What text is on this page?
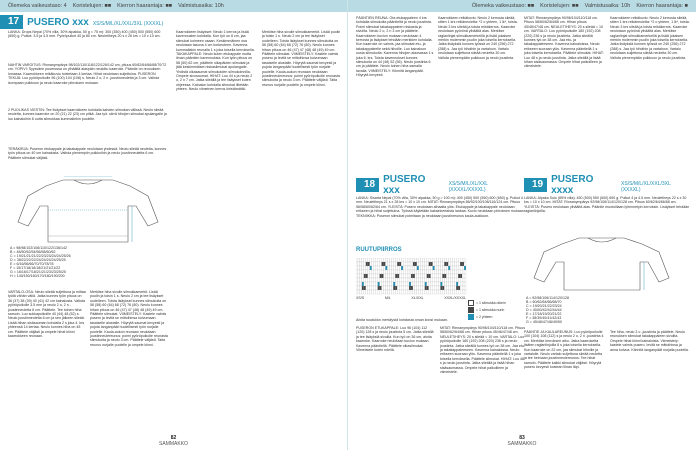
Ölemeka vaikeustaso: 4 Koristelujen: ■■ Kierron haarantaja: ■■ Valmistusaika: 10h
17 PUSERO xxx XS/S/M/L/XL/XXL/3XL (XXXXL)
LANKA: Drops Nepal (70% villa, 30% alpakka, 50 g = 75 m): 300 (350) 400 (450) 500 (550) 600 (650) g. Puikot: 3.5 ja 4.5 mm. Pyöröpuikot 40 ja 80 cm. Neuletiheys 20 s x 26 krs = 10 x 10 cm.
NAHTIN VAROITUS: Rinnanympärys 98/102/110/118/122/126/142 cm, pituus 60/62/64/66/68/70/72 cm. YOPIVI: Syysvärin puserossa on ylhäältä alaspäin neulottu kaarroke. Pääntie on reunuksen lomassa. Kaarrokkeen reikäkuvio toistetaan 4 kertaa. Hihat neulotaan suljettuina. PUSERON TEKIJÄ: Luo pyöröpuikolle 96 (100) 104 (108) s. Neulo 2 o, 2 n -joustinneuletta ja 3 cm. Vaihda isompaan puikkoon ja neulo kaarroke piirroksen mukaan.
2 PUOLIKAS VIESTIN: Tee lisäykset kaarrokkeen kohdalla kahden silmukan välissä. Neulo sileää neuletta, kunnes kaarroke on 20 (21) 22 (23) cm pitkä. Jaa työ: siirrä hihojen silmukat apulangalle ja luo kainaloihin 8 uutta silmukkaa kummallekin puolelle.
TERÄKIRJA: Puseron etukappale ja takakappale neulotaan yhdessä. Neulo sileää neuletta, kunnes työn pituus on 40 cm kainalosta. Vaihda pienempiin puikkoihin ja neulo joustinneuletta 6 cm. Päättele silmukat väljästi.
A = 98/98/102/106/110/122/136/142
B = 48/50/52/54/56/58/60/62
C = 19/21/21/21/22/23/23/24/24/25/26
D = 38/22/22/22/24/24/24/24/25/25
E = 6/16/56/66/70/70/78/78
F = 15/17/18/18/18/21/21/21/22
G = 16/16/17/18/21/21/23/23/25/25
H = 140/150/160/170/180/190/200
VARTALO-OSA: Neulo sileää suljettuna ja mittaa työtä vähän väliä. Jatka kunnes työn pituus on 36 (37) 38 (39) 40 (41) 42 cm kainalosta. Vaihda pyöröpuikolle 3.5 mm ja neulo 2 o, 2 n -joustinneuletta 6 cm. Päättele. Tee toinen hiha samoin. Luo sukkapuikoille 40 (44) 48 (52) s. Neulo joustinneuletta 6 cm ja sen jälkeen sileää. Lisää hihan sisäsauman kohdalla 2 s joka 4. krs yhteensä 14 kertaa. Neulo kunnes hiha on 45 cm. Päättele väljästi ja ompele hihat kiinni kaarrokkeen reunaan.
Merkitse hiha sivulle silmukkamerkit. Lisää puolin ja toisin 1 s. Neulo 2 cm ja tee lisäykset uudelleen. Toista lisäykset kunnes silmukoita on 56 (58) 60 (64) 68 (72) 76 (80). Neulo kunnes hihan pituus on 46 (47) 47 (48) 48 (49) 49 cm. Päättele silmukat. VIIMEISTELY: Kastele valmis pusero ja levitä se mittoihinsa kuivumaan tasaiselle alustalle. Höyrytä saumat kevyesti ja pujota langanpäät huolellisesti työn nurjalle puolelle. Kaula-aukon reunaan neulotaan joustinneulereunus: poimi pyöröpuikolle reunasta silmukoita ja neulo 3 cm. Päättele väljästi. Taita reunus nurjalle puolelle ja ompele kiinni.
Kaarrokkeen lisäykset: Neulo 1 kerros ja lisää kavennusten kohdalla. Kun työ on 8 cm, jaa silmukat kolmeen osaan. Keskimmäinen osa neulotaan tasona 4 cm korkeuteen. Kavenna kummallakin reunalla 1 s joka toisella kerroksella. TAKAKAPPALE: Neulo kuten etukappale mutta ilman pääntien kavennuksia. Kun työn pituus on 58 (60) 62 cm, päättele olkapäiden silmukat ja jätä keskimmäiset niskasilmukat apulangalle. Yhdistä olkasaumat silmukoiden silmukoinnilla. Ompele sivusaumat. HIHAT: Luo 44 s ja neulo 2 o, 2 n 7 cm. Jatka sileällä ja tee lisäykset kuten ohjeessa. Kainalon kohdalla silmukat liitetään yhteen. Neulo viimeinen kerros kiristämättä.
Merkitse hiha sivulle silmukkamerkit. Lisää puolin ja toisin 1 s. Neulo 2 cm ja tee lisäykset uudelleen. Toista lisäykset kunnes silmukoita on 56 (58) 60 (64) 68 (72) 76 (80). Neulo kunnes hihan pituus on 46 (47) 47 (48) 48 (49) 49 cm. Päättele silmukat. VIIMEISTELY: Kastele valmis pusero ja levitä se mittoihinsa kuivumaan tasaiselle alustalle. Höyrytä saumat kevyesti ja pujota langanpäät huolellisesti työn nurjalle puolelle. Kaula-aukon reunaan neulotaan joustinneulereunus: poimi pyöröpuikolle reunasta silmukoita ja neulo 3 cm. Päättele väljästi. Taita reunus nurjalle puolelle ja ompele kiinni.
82
SAMMAKKO
Ölemeka vaikeustaso: ■■ Koristelujen: ■■ Valmistusaika: 10h Kierron haarantaja: ■
PÄÄNTIEN REUNA: Ota etukappaleen 4 krs kohdalla silmukoita pääntieltä ja neulo joustinta. Poimi silmukat takakappaleen niskasta ja sivuilta. Neulo 2 o, 2 n 3 cm ja päättele. Kaarrokkeen kuvion mukaan neulotaan 4 kerrosta ja lisäykset tehdään merkkien kohdalla. Kun kaarroke on valmis, jaa silmukat etu- ja takakappaleelle sekä hihoille. Luo kainaloon uusia silmukoita. Kavenna hihojen alaosassa 1 s joka 6. krs. Toista kavennukset kunnes silmukoita on 44 (48) 52 (56). Neulo joustinta 6 cm ja päättele. Neulo toinen hiha samalla tavalla. VIIMEISTELY: Kiinnitä langanpäät. Höyrytä kevyesti.
Kaarrokkeen reikäkuvio: Neulo 2 kerrosta sileää, sitten 1 krs reikäneuletta: *2 o yhteen, 1 lk*, toista. Neulo 3 krs sileää ja toista reikäkerros. Kaarroke neulotaan pyörönä ylhäältä alas. Merkitse raglanlinjat silmukkamerkeillä ja lisää jokaisen merkin molemmin puolin joka toisella kerroksella. Jatka lisäyksiä kunnes työssä on 240 (256) 272 (288) s. Jaa työ hihoihin ja vartaloon. Vartalo neulotaan suljettuna sileää neuletta 30 cm. Vaihda pienempään puikkoon ja neulo joustinta.
18 PUSERO xxx
XS/S/M/L/XL/XXL (XXXXL/XXXXL)
LANKA: Sisarta Nepal (70% villa, 30% alpakka, 50 g = 100 m): 400 (450) 500 (550) 600 (650) g. Puikot 4 mm. Neuletiheys 21 s x 28 krs = 10 x 10 cm. MITAT: Rinnanympärys 86/92/100/108/116/124 cm. Pituus 56/58/60/62/64 cm. YLEISTÄ: Pusero neulotaan alhaalta ylös. Etukappale ja takakappale neulotaan erikseen ja hihat suljettuina. Työssä käytetään kaksinkertaista lankaa. Kuvio neulotaan piirroksen mukaan. TEKNIIKKA: Puseron silmukat poimitaan ja neulotaan joustinreunus kaula-aukkoon.
RUUTUPIIRROS
= 1 silmukka oikein
= 1 silmukka nurin
= 2 yhteen
XS/S	M/L	XL/XXL	XXXL/XXXXL
Aloita ruudukko merkitystä kohdasta oman koosi mukaan.
PUSERON ETUKAPPALE: Luo 96 (104) 112 (120) 128 s ja neulo joustinta 5 cm. Jatka sileällä ja tee lisäyksiä sivuilla. Kun työ on 36 cm, aloita kaarroke. Kaarroke neulotaan kuvion mukaan. Kavenna pääntiellä. Päättele olkasilmukat. Viimeistele kuten edellä.
MITAT: Rinnanympärys 90/96/104/110/118 cm. Pituus 58/60/62/64/66 cm. Hihan pituus 45/46/47/48 cm. NEULETIHEYS: 20 s sileää = 10 cm. VARTALO: Luo pyöröpuikolle 180 (192) 208 (220) 236 s ja neulo joustinta. Jatka sileällä kunnes työ on 38 cm. Jaa etu- ja takakappaleeseen. Kavenna kainaloissa. Neulo erikseen suoraan ylös. Kavenna pääntiellä 1 s joka toisella kerroksella. Päättele silmukat. HIHAT: Luo 48 s ja neulo joustinta. Jatka sileällä ja lisää hihan sisäsaumassa. Ompele hihat paikoilleen ja viimeistele.
MITAT: Rinnanympärys 90/96/104/110/118 cm. Pituus 58/60/62/64/66 cm. Hihan pituus 45/46/47/48 cm. NEULETIHEYS: 20 s sileää = 10 cm. VARTALO: Luo pyöröpuikolle 180 (192) 208 (220) 236 s ja neulo joustinta. Jatka sileällä kunnes työ on 38 cm. Jaa etu- ja takakappaleeseen. Kavenna kainaloissa. Neulo erikseen suoraan ylös. Kavenna pääntiellä 1 s joka toisella kerroksella. Päättele silmukat. HIHAT: Luo 48 s ja neulo joustinta. Jatka sileällä ja lisää hihan sisäsaumassa. Ompele hihat paikoilleen ja viimeistele.
Kaarrokkeen reikäkuvio: Neulo 2 kerrosta sileää, sitten 1 krs reikäneuletta: *2 o yhteen, 1 lk*, toista. Neulo 3 krs sileää ja toista reikäkerros. Kaarroke neulotaan pyörönä ylhäältä alas. Merkitse raglanlinjat silmukkamerkeillä ja lisää jokaisen merkin molemmin puolin joka toisella kerroksella. Jatka lisäyksiä kunnes työssä on 240 (256) 272 (288) s. Jaa työ hihoihin ja vartaloon. Vartalo neulotaan suljettuna sileää neuletta 30 cm. Vaihda pienempään puikkoon ja neulo joustinta.
19 PUSERO xxxx
XS/S/M/L/XL/XXL/3XL (XXXXL)
LANKA: Alpaka Sulo (85% villa): 450 (500) 550 (600) 650 g. Puikot 4 ja 4.5 mm. Neuletiheys 22 s x 30 krs = 10 x 10 cm. MITAT: Rinnanympärys 92/98/106/114/120/128 cm. Pituus 60/62/64/66/68 cm. YLEISTÄ: Pusero neulotaan ylhäältä alas. Pääntie muotoillaan lyhennetyin kerroksin. Lisäykset tehdään raglanlinjoilla.
A = 92/98/106/114/120/128
B = 60/62/64/66/68/70
C = 19/20/21/22/23/24
D = 40/40/42/42/44/44
E = 17/18/19/20/21/22
F = 38/39/40/41/42/43
G = 45/46/47/48/49/50
PÄÄNTIE JA KAULAREUNUS: Luo pyöröpuikolle 100 (104) 108 (112) s ja neulo 2 o, 2 n -joustinta 4 cm. Merkitse kerroksen alku. Jatka kaarroketta lisäten raglanlinjoilla 8 s joka toisella kerroksella. Kun kaarroke on 22 cm, jaa silmukat hihoille ja vartalolle. Neulo vartalo suljettuna sileää neuletta ja tee helmaan joustinneulereunus. Tee hihat samoin. Päättele kaikki silmukat väljästi. Höyrytä pusero kevyesti kostean liinan läpi.
Tee hiha, neulo 3 o -joustinta ja päättele. Neulo reunuksen silmukat takakappaleen sivuilta. Ompele hihat kiinni kainaloista. Viimeistely: kastele valmis pusero, levitä se mittoihinsa ja anna kuivua. Kiinnitä langanpäät nurjalla puolella.
83
SAMMAKKO
